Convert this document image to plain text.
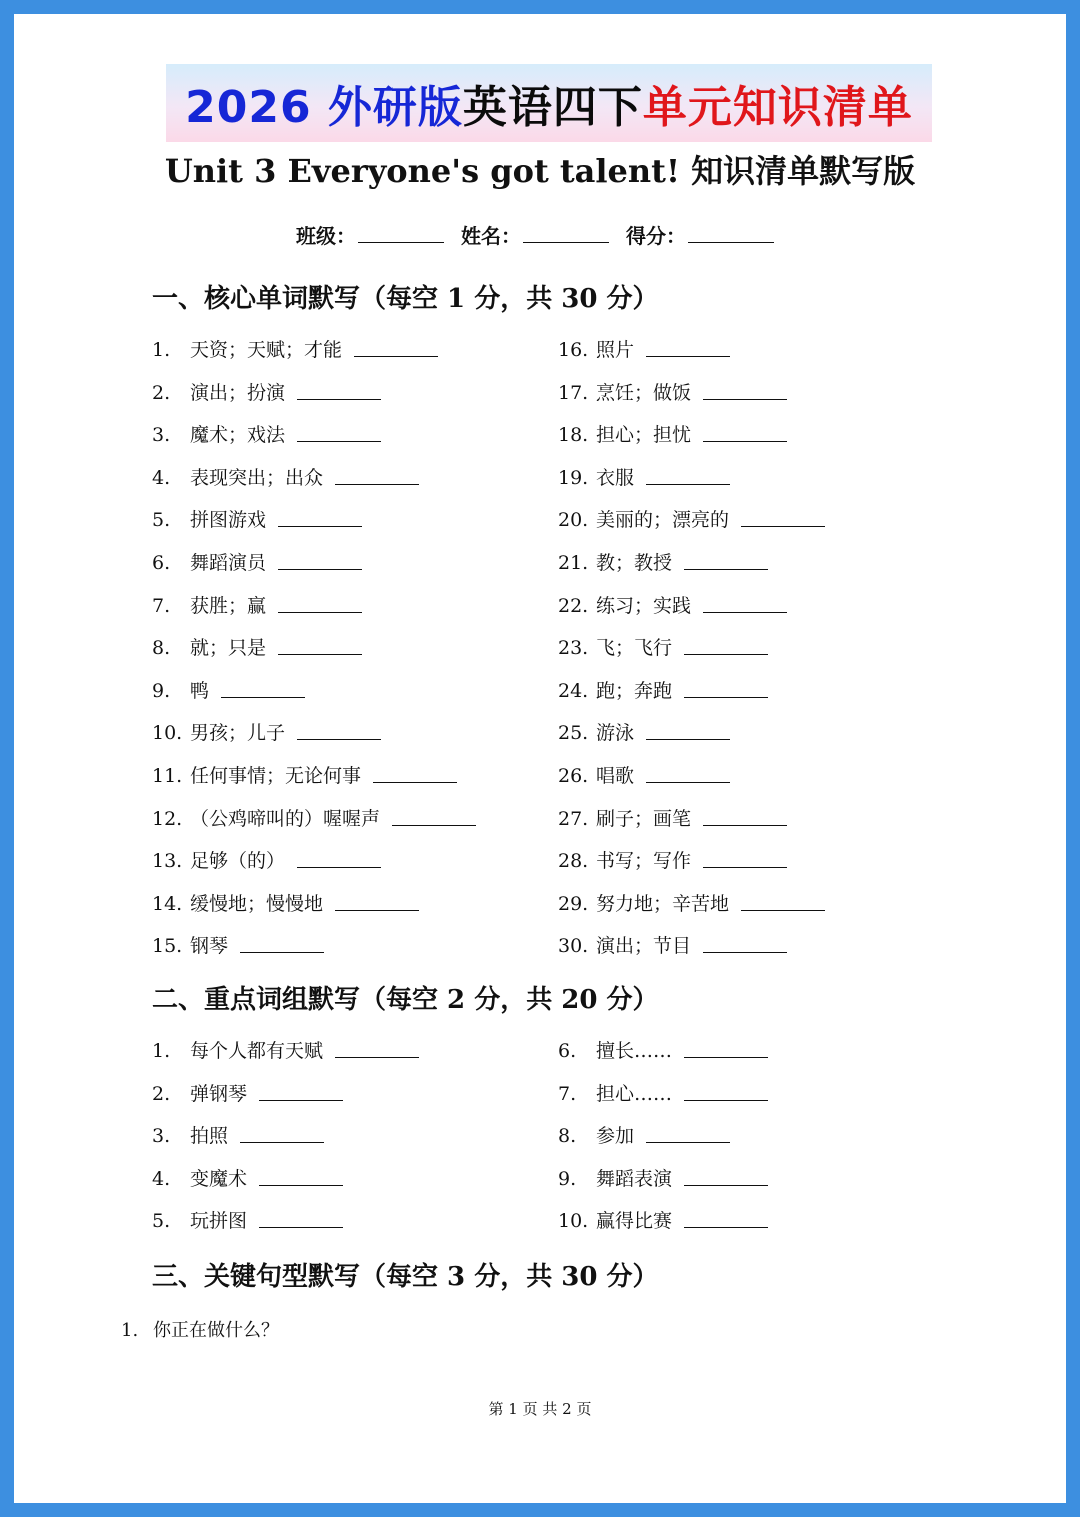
2026 外研版 英语四下 单元知识清单
Unit 3 Everyone's got talent! 知识清单默写版
班级：	姓名：	得分：
一、核心单词默写（每空 1 分，共 30 分）
1. 天资；天赋；才能
2. 演出；扮演
3. 魔术；戏法
4. 表现突出；出众
5. 拼图游戏
6. 舞蹈演员
7. 获胜；赢
8. 就；只是
9. 鸭
10. 男孩；儿子
11. 任何事情；无论何事
12. （公鸡啼叫的）喔喔声
13. 足够（的）
14. 缓慢地；慢慢地
15. 钢琴
16. 照片
17. 烹饪；做饭
18. 担心；担忧
19. 衣服
20. 美丽的；漂亮的
21. 教；教授
22. 练习；实践
23. 飞；飞行
24. 跑；奔跑
25. 游泳
26. 唱歌
27. 刷子；画笔
28. 书写；写作
29. 努力地；辛苦地
30. 演出；节目
二、重点词组默写（每空 2 分，共 20 分）
1. 每个人都有天赋
2. 弹钢琴
3. 拍照
4. 变魔术
5. 玩拼图
6. 擅长……
7. 担心……
8. 参加
9. 舞蹈表演
10. 赢得比赛
三、关键句型默写（每空 3 分，共 30 分）
1. 你正在做什么？
第 1 页 共 2 页
